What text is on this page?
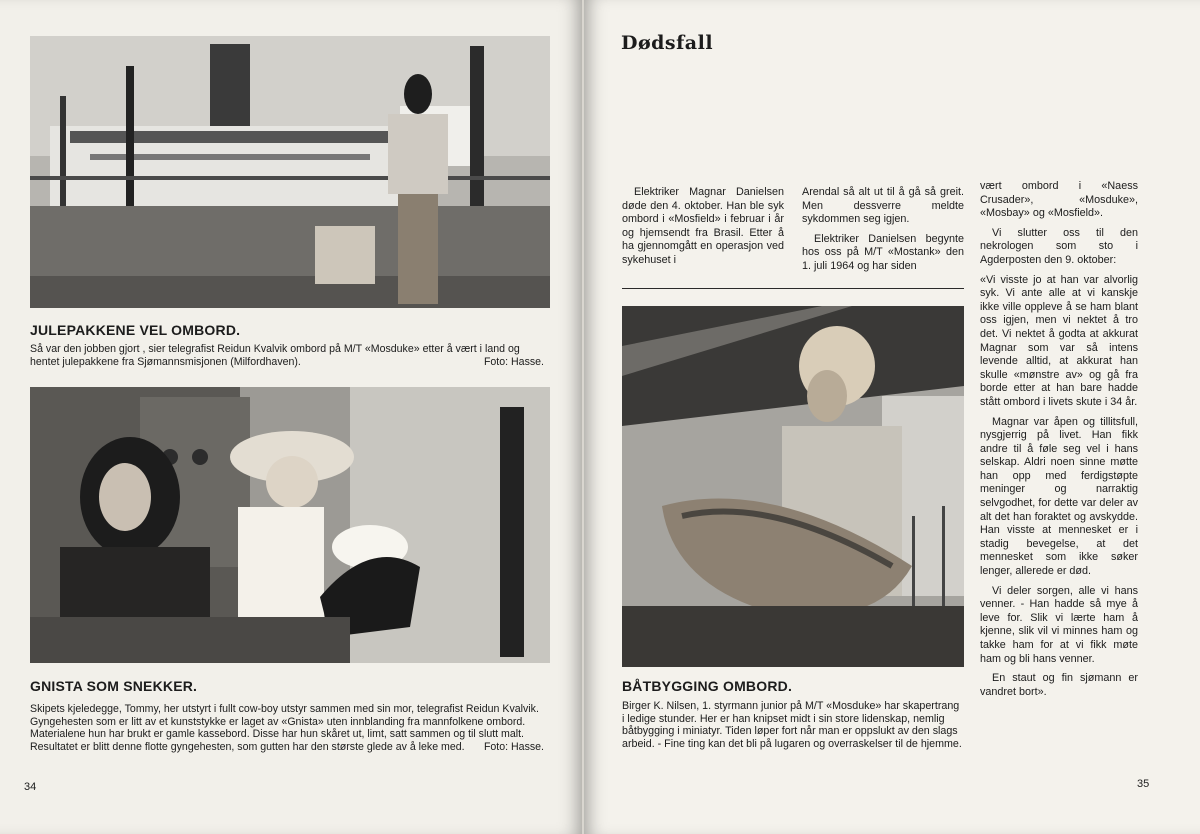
JULEPAKKENE VEL OMBORD.

Så var den jobben gjort , sier telegrafist Reidun Kvalvik ombord på M/T «Mosduke» etter å vært i land og hentet julepakkene fra Sjømannsmisjonen (Milfordhaven).	Foto: Hasse.

GNISTA SOM SNEKKER.

Skipets kjeledegge, Tommy, her utstyrt i fullt cow-boy utstyr sammen med sin mor, telegrafist Reidun Kvalvik. Gyngehesten som er litt av et kunststykke er laget av «Gnista» uten innblanding fra mannfolkene ombord. Materialene hun har brukt er gamle kassebord. Disse har hun skåret ut, limt, satt sammen og til slutt malt. Resultatet er blitt denne flotte gyngehesten, som gutten har den største glede av å leke med. Foto: Hasse.

34
Dødsfall

Elektriker Magnar Danielsen døde den 4. oktober. Han ble syk ombord i «Mosfield» i februar i år og hjemsendt fra Brasil. Etter å ha gjennomgått en operasjon ved sykehuset i

Arendal så alt ut til å gå så greit. Men dessverre meldte sykdommen seg igjen.

Elektriker Danielsen begynte hos oss på M/T «Mostank» den 1. juli 1964 og har siden

vært ombord i «Naess Crusader», «Mosduke», «Mosbay» og «Mosfield».

Vi slutter oss til den nekrologen som sto i Agderposten den 9. oktober:

«Vi visste jo at han var alvorlig syk. Vi ante alle at vi kanskje ikke ville oppleve å se ham blant oss igjen, men vi nektet å tro det. Vi nektet å godta at akkurat Magnar som var så intens levende alltid, at akkurat han skulle «mønstre av» og gå fra borde etter at han bare hadde stått ombord i livets skute i 34 år.

Magnar var åpen og tillitsfull, nysgjerrig på livet. Han fikk andre til å føle seg vel i hans selskap. Aldri noen sinne møtte han opp med ferdigstøpte meninger og narraktig selvgodhet, for dette var deler av alt det han foraktet og avskydde. Han visste at mennesket er i stadig bevegelse, at det mennesket som ikke søker lenger, allerede er død.

Vi deler sorgen, alle vi hans venner. - Han hadde så mye å leve for. Slik vi lærte ham å kjenne, slik vil vi minnes ham og takke ham for at vi fikk møte ham og bli hans venner.

En staut og fin sjømann er vandret bort».

BÅTBYGGING OMBORD.

Birger K. Nilsen, 1. styrmann junior på M/T «Mosduke» har skapertrang i ledige stunder. Her er han knipset midt i sin store lidenskap, nemlig båtbygging i miniatyr. Tiden løper fort når man er oppslukt av den slags arbeid. - Fine ting kan det bli på lugaren og overraskelser til de hjemme.

35
